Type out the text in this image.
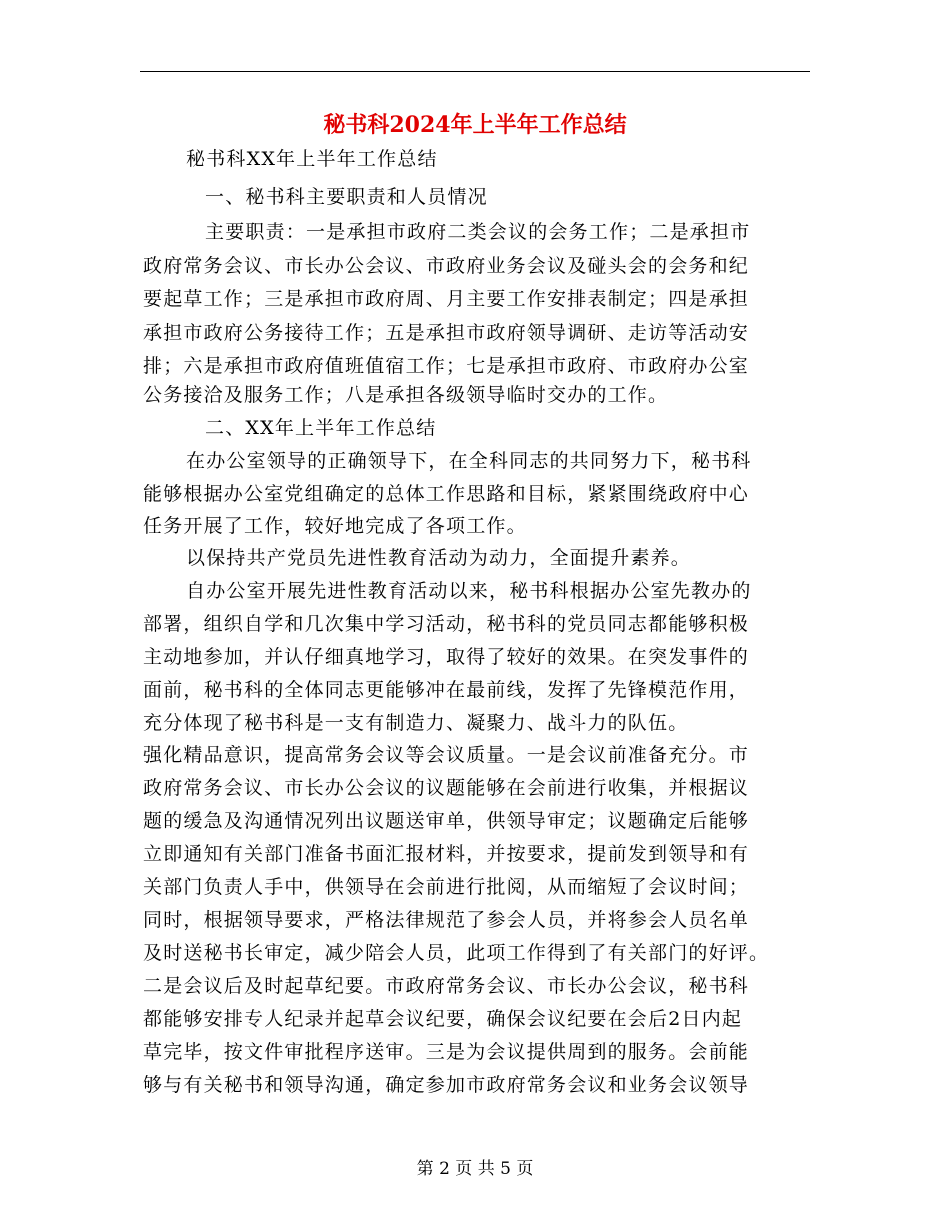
秘书科2024年上半年工作总结
秘书科XX年上半年工作总结
一、秘书科主要职责和人员情况
主要职责：一是承担市政府二类会议的会务工作；二是承担市
政府常务会议、市长办公会议、市政府业务会议及碰头会的会务和纪
要起草工作；三是承担市政府周、月主要工作安排表制定；四是承担
承担市政府公务接待工作；五是承担市政府领导调研、走访等活动安
排；六是承担市政府值班值宿工作；七是承担市政府、市政府办公室
公务接洽及服务工作；八是承担各级领导临时交办的工作。
二、XX年上半年工作总结
在办公室领导的正确领导下，在全科同志的共同努力下，秘书科
能够根据办公室党组确定的总体工作思路和目标，紧紧围绕政府中心
任务开展了工作，较好地完成了各项工作。
以保持共产党员先进性教育活动为动力，全面提升素养。
自办公室开展先进性教育活动以来，秘书科根据办公室先教办的
部署，组织自学和几次集中学习活动，秘书科的党员同志都能够积极
主动地参加，并认仔细真地学习，取得了较好的效果。在突发事件的
面前，秘书科的全体同志更能够冲在最前线，发挥了先锋模范作用，
充分体现了秘书科是一支有制造力、凝聚力、战斗力的队伍。
强化精品意识，提高常务会议等会议质量。一是会议前准备充分。市
政府常务会议、市长办公会议的议题能够在会前进行收集，并根据议
题的缓急及沟通情况列出议题送审单，供领导审定；议题确定后能够
立即通知有关部门准备书面汇报材料，并按要求，提前发到领导和有
关部门负责人手中，供领导在会前进行批阅，从而缩短了会议时间；
同时，根据领导要求，严格法律规范了参会人员，并将参会人员名单
及时送秘书长审定，减少陪会人员，此项工作得到了有关部门的好评。
二是会议后及时起草纪要。市政府常务会议、市长办公会议，秘书科
都能够安排专人纪录并起草会议纪要，确保会议纪要在会后2日内起
草完毕，按文件审批程序送审。三是为会议提供周到的服务。会前能
够与有关秘书和领导沟通，确定参加市政府常务会议和业务会议领导
第 2 页 共 5 页
